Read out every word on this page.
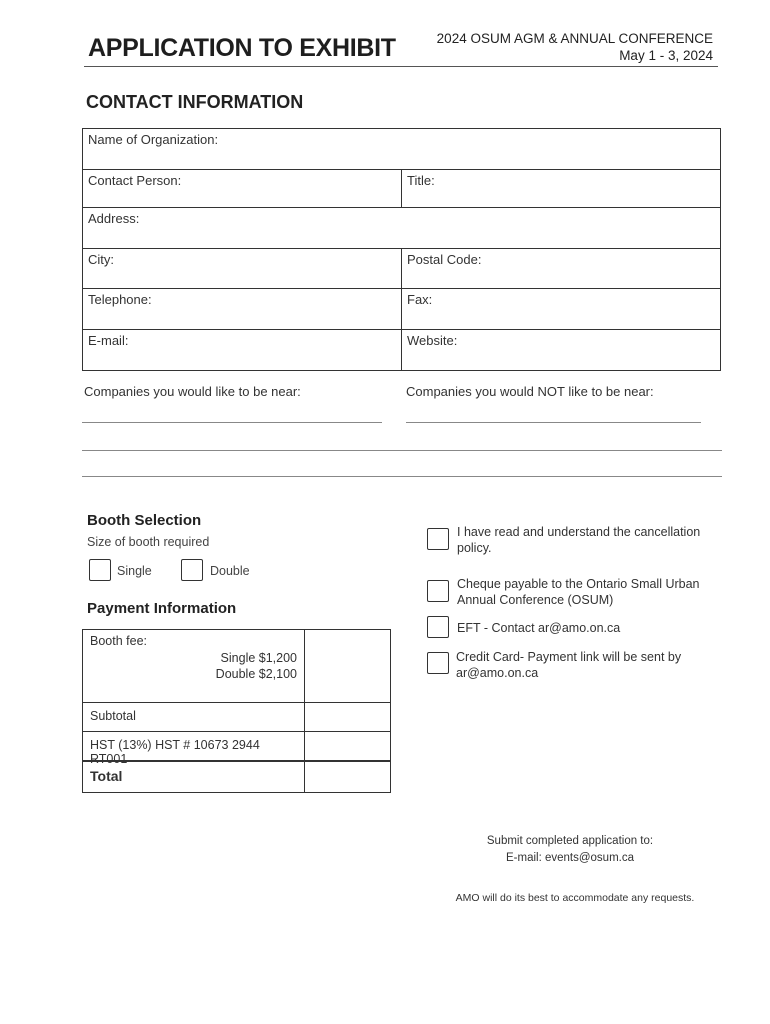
APPLICATION TO EXHIBIT	2024 OSUM AGM & ANNUAL CONFERENCE
May 1 - 3, 2024
CONTACT INFORMATION
Name of Organization:
Contact Person:	Title:
Address:
City:	Postal Code:
Telephone:	Fax:
E-mail:	Website:
Companies you would like to be near:	Companies you would NOT like to be near:
Booth Selection
Size of booth required
Single	Double
Payment Information
Booth fee:
Single $1,200
Double $2,100
Subtotal
HST (13%) HST # 10673 2944 RT001
Total
I have read and understand the cancellation policy.
Cheque payable to the Ontario Small Urban Annual Conference (OSUM)
EFT - Contact ar@amo.on.ca
Credit Card- Payment link will be sent by ar@amo.on.ca
Submit completed application to:
E-mail: events@osum.ca
AMO will do its best to accommodate any requests.
